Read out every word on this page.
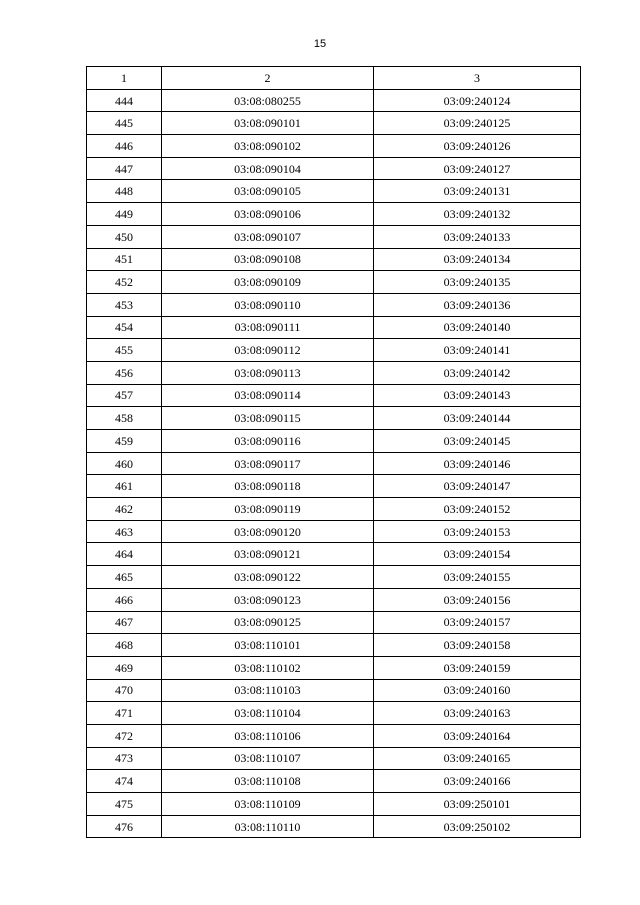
15
1	2	3
444	03:08:080255	03:09:240124
445	03:08:090101	03:09:240125
446	03:08:090102	03:09:240126
447	03:08:090104	03:09:240127
448	03:08:090105	03:09:240131
449	03:08:090106	03:09:240132
450	03:08:090107	03:09:240133
451	03:08:090108	03:09:240134
452	03:08:090109	03:09:240135
453	03:08:090110	03:09:240136
454	03:08:090111	03:09:240140
455	03:08:090112	03:09:240141
456	03:08:090113	03:09:240142
457	03:08:090114	03:09:240143
458	03:08:090115	03:09:240144
459	03:08:090116	03:09:240145
460	03:08:090117	03:09:240146
461	03:08:090118	03:09:240147
462	03:08:090119	03:09:240152
463	03:08:090120	03:09:240153
464	03:08:090121	03:09:240154
465	03:08:090122	03:09:240155
466	03:08:090123	03:09:240156
467	03:08:090125	03:09:240157
468	03:08:110101	03:09:240158
469	03:08:110102	03:09:240159
470	03:08:110103	03:09:240160
471	03:08:110104	03:09:240163
472	03:08:110106	03:09:240164
473	03:08:110107	03:09:240165
474	03:08:110108	03:09:240166
475	03:08:110109	03:09:250101
476	03:08:110110	03:09:250102
